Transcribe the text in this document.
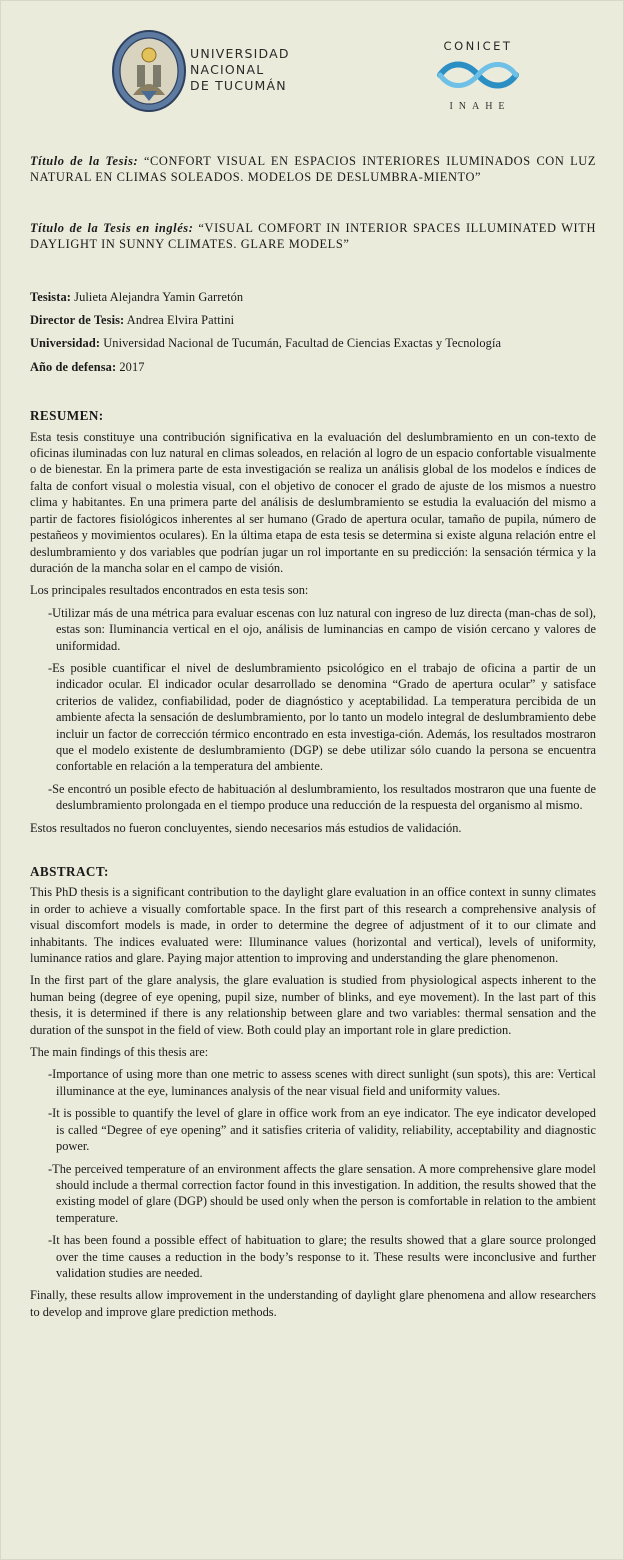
UNIVERSIDAD
NACIONAL
DE TUCUMÁN
CONICET
INAHE

Título de la Tesis: “CONFORT VISUAL EN ESPACIOS INTERIORES ILUMINADOS CON LUZ NATURAL EN CLIMAS SOLEADOS. MODELOS DE DESLUMBRA-MIENTO”

Título de la Tesis en inglés: “VISUAL COMFORT IN INTERIOR SPACES ILLUMINATED WITH DAYLIGHT IN SUNNY CLIMATES. GLARE MODELS”

Tesista: Julieta Alejandra Yamin Garretón
Director de Tesis: Andrea Elvira Pattini
Universidad: Universidad Nacional de Tucumán, Facultad de Ciencias Exactas y Tecnología
Año de defensa: 2017
RESUMEN:

Esta tesis constituye una contribución significativa en la evaluación del deslumbramiento en un con-texto de oficinas iluminadas con luz natural en climas soleados, en relación al logro de un espacio confortable visualmente o de bienestar. En la primera parte de esta investigación se realiza un análisis global de los modelos e índices de falta de confort visual o molestia visual, con el objetivo de conocer el grado de ajuste de los mismos a nuestro clima y habitantes. En una primera parte del análisis de deslumbramiento se estudia la evaluación del mismo a partir de factores fisiológicos inherentes al ser humano (Grado de apertura ocular, tamaño de pupila, número de pestañeos y movimientos oculares). En la última etapa de esta tesis se determina si existe alguna relación entre el deslumbramiento y dos variables que podrían jugar un rol importante en su predicción: la sensación térmica y la duración de la mancha solar en el campo de visión.

Los principales resultados encontrados en esta tesis son:

-Utilizar más de una métrica para evaluar escenas con luz natural con ingreso de luz directa (man-chas de sol), estas son: Iluminancia vertical en el ojo, análisis de luminancias en campo de visión cercano y valores de uniformidad.
-Es posible cuantificar el nivel de deslumbramiento psicológico en el trabajo de oficina a partir de un indicador ocular. El indicador ocular desarrollado se denomina “Grado de apertura ocular” y satisface criterios de validez, confiabilidad, poder de diagnóstico y aceptabilidad. La temperatura percibida de un ambiente afecta la sensación de deslumbramiento, por lo tanto un modelo integral de deslumbramiento debe incluir un factor de corrección térmico encontrado en esta investiga-ción. Además, los resultados mostraron que el modelo existente de deslumbramiento (DGP) se debe utilizar sólo cuando la persona se encuentra confortable en relación a la temperatura del ambiente.
-Se encontró un posible efecto de habituación al deslumbramiento, los resultados mostraron que una fuente de deslumbramiento prolongada en el tiempo produce una reducción de la respuesta del organismo al mismo.

Estos resultados no fueron concluyentes, siendo necesarios más estudios de validación.

ABSTRACT:

This PhD thesis is a significant contribution to the daylight glare evaluation in an office context in sunny climates in order to achieve a visually comfortable space. In the first part of this research a comprehensive analysis of visual discomfort models is made, in order to determine the degree of adjustment of it to our climate and inhabitants. The indices evaluated were: Illuminance values (horizontal and vertical), levels of uniformity, luminance ratios and glare. Paying major attention to improving and understanding the glare phenomenon.

In the first part of the glare analysis, the glare evaluation is studied from physiological aspects inherent to the human being (degree of eye opening, pupil size, number of blinks, and eye movement). In the last part of this thesis, it is determined if there is any relationship between glare and two variables: thermal sensation and the duration of the sunspot in the field of view. Both could play an important role in glare prediction.

The main findings of this thesis are:

-Importance of using more than one metric to assess scenes with direct sunlight (sun spots), this are: Vertical illuminance at the eye, luminances analysis of the near visual field and uniformity values.
-It is possible to quantify the level of glare in office work from an eye indicator. The eye indicator developed is called “Degree of eye opening” and it satisfies criteria of validity, reliability, acceptability and diagnostic power.
-The perceived temperature of an environment affects the glare sensation. A more comprehensive glare model should include a thermal correction factor found in this investigation. In addition, the results showed that the existing model of glare (DGP) should be used only when the person is comfortable in relation to the ambient temperature.
-It has been found a possible effect of habituation to glare; the results showed that a glare source prolonged over the time causes a reduction in the body’s response to it. These results were inconclusive and further validation studies are needed.

Finally, these results allow improvement in the understanding of daylight glare phenomena and allow researchers to develop and improve glare prediction methods.
